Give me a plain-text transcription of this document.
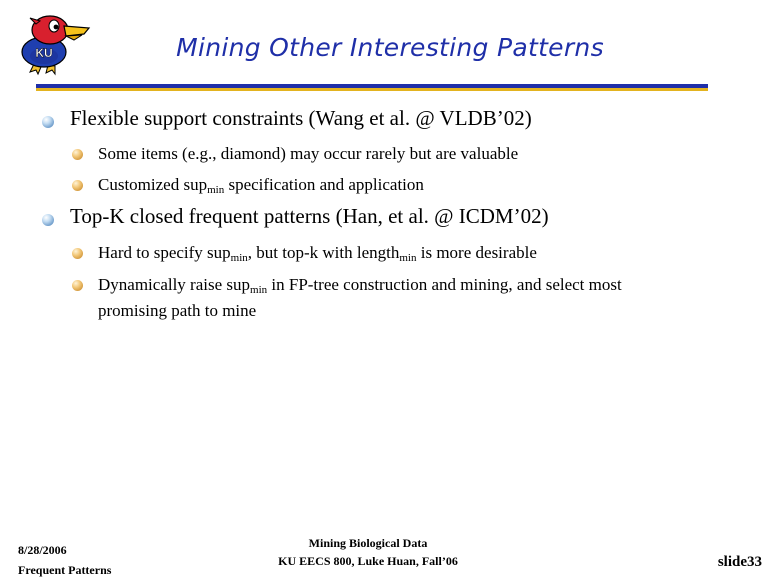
KU	Mining Other Interesting Patterns
Flexible support constraints (Wang et al. @ VLDB’02)
Some items (e.g., diamond) may occur rarely but are valuable
Customized sup$_{min}$ specification and application
Top-K closed frequent patterns (Han, et al. @ ICDM’02)
Hard to specify sup$_{min}$, but top-k with length$_{min}$ is more desirable
Dynamically raise sup$_{min}$ in FP-tree construction and mining, and select most
promising path to mine
8/28/2006
Frequent Patterns
Mining Biological Data
KU EECS 800, Luke Huan, Fall’06	slide33
